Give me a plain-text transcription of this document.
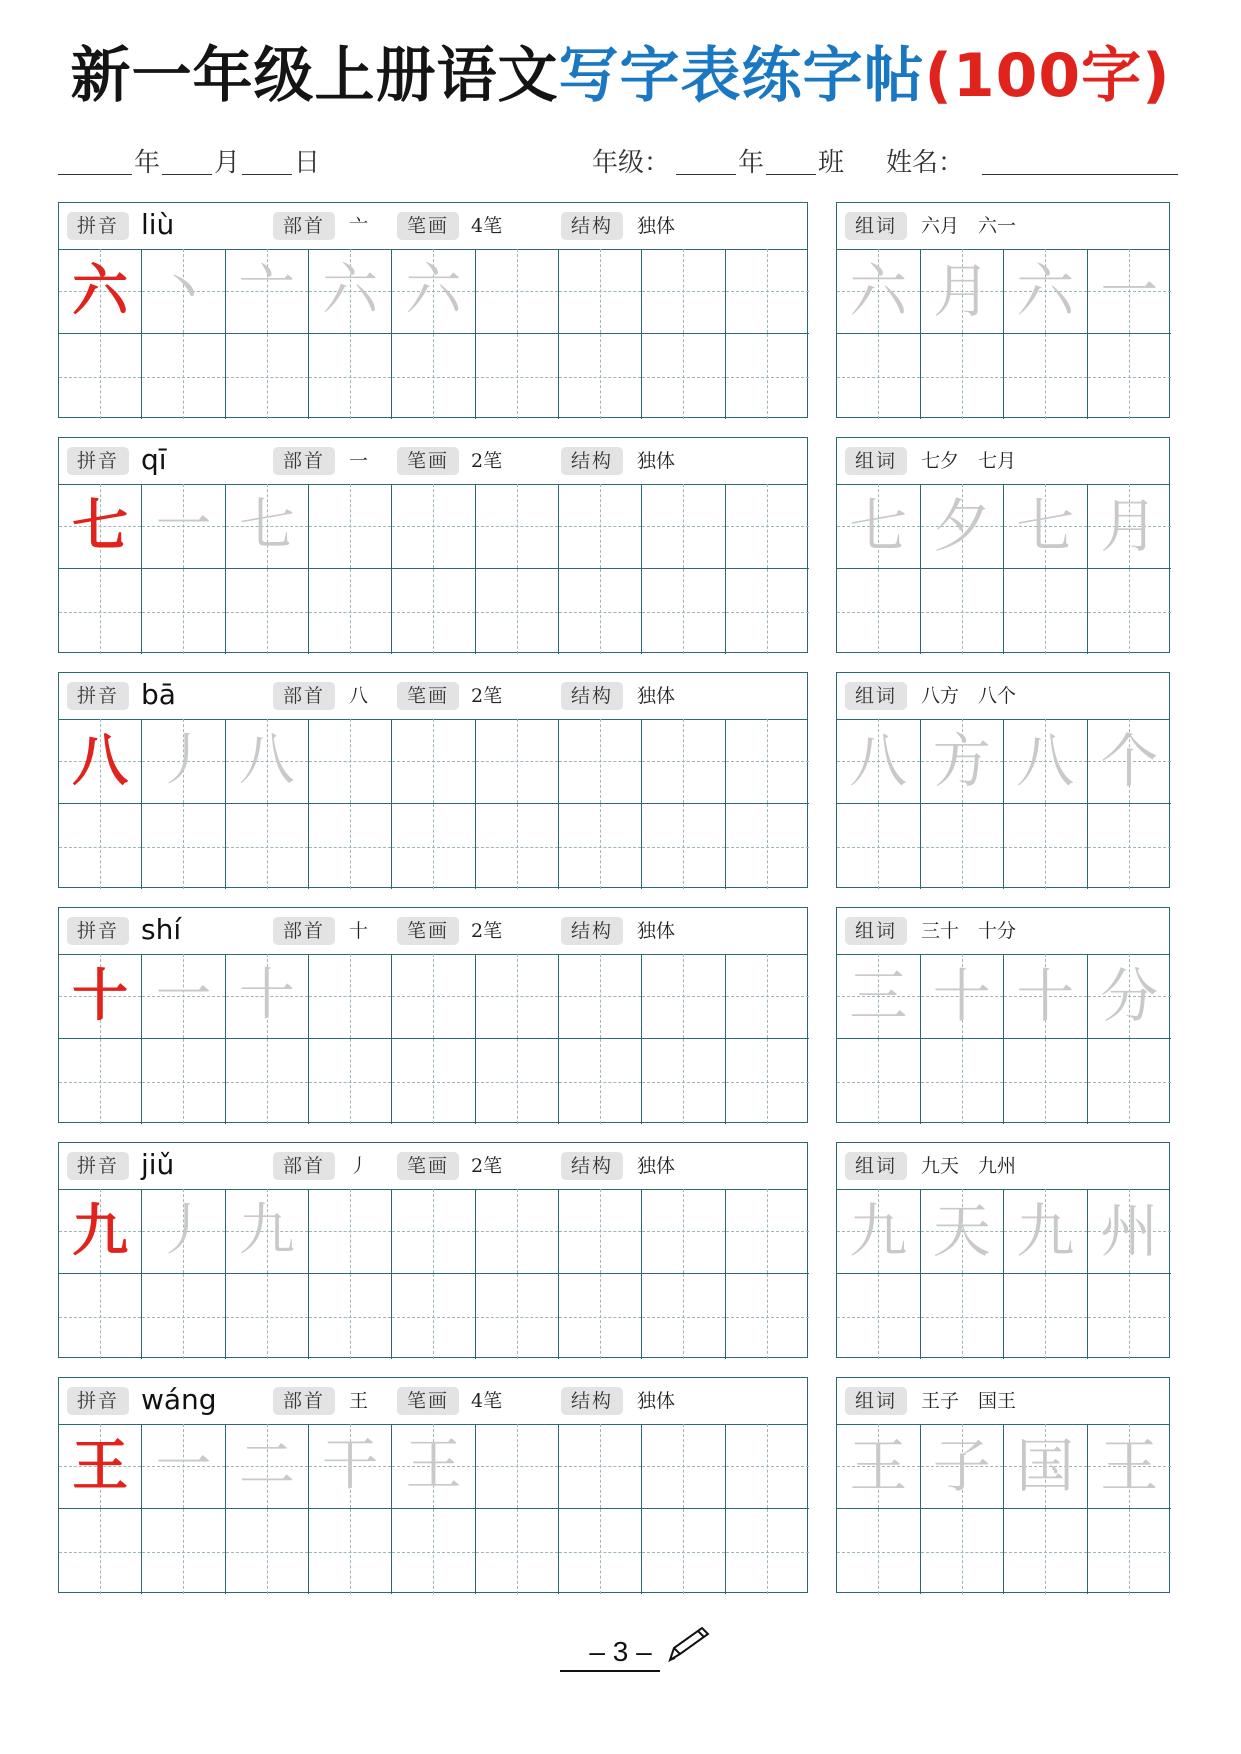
新一年级上册语文写字表练字帖(100字)
年 月 日	年级：	年 班 姓名：
拼音 liù	部首	亠	笔画	4笔	结构	独体
六 丶 亠 六 六
组词	六月　六一
六 月 六 一
拼音 qī	部首	一	笔画	2笔	结构	独体
七 一 七
组词	七夕　七月
七 夕 七 月
拼音 bā	部首	八	笔画	2笔	结构	独体
八 丿 八
组词	八方　八个
八 方 八 个
拼音 shí	部首	十	笔画	2笔	结构	独体
十 一 十
组词	三十　十分
三 十 十 分
拼音 jiǔ	部首	丿	笔画	2笔	结构	独体
九 丿 九
组词	九天　九州
九 天 九 州
拼音 wáng	部首	王	笔画	4笔	结构	独体
王 一 二 干 王
组词	王子　国王
王 子 国 王
– 3 –
